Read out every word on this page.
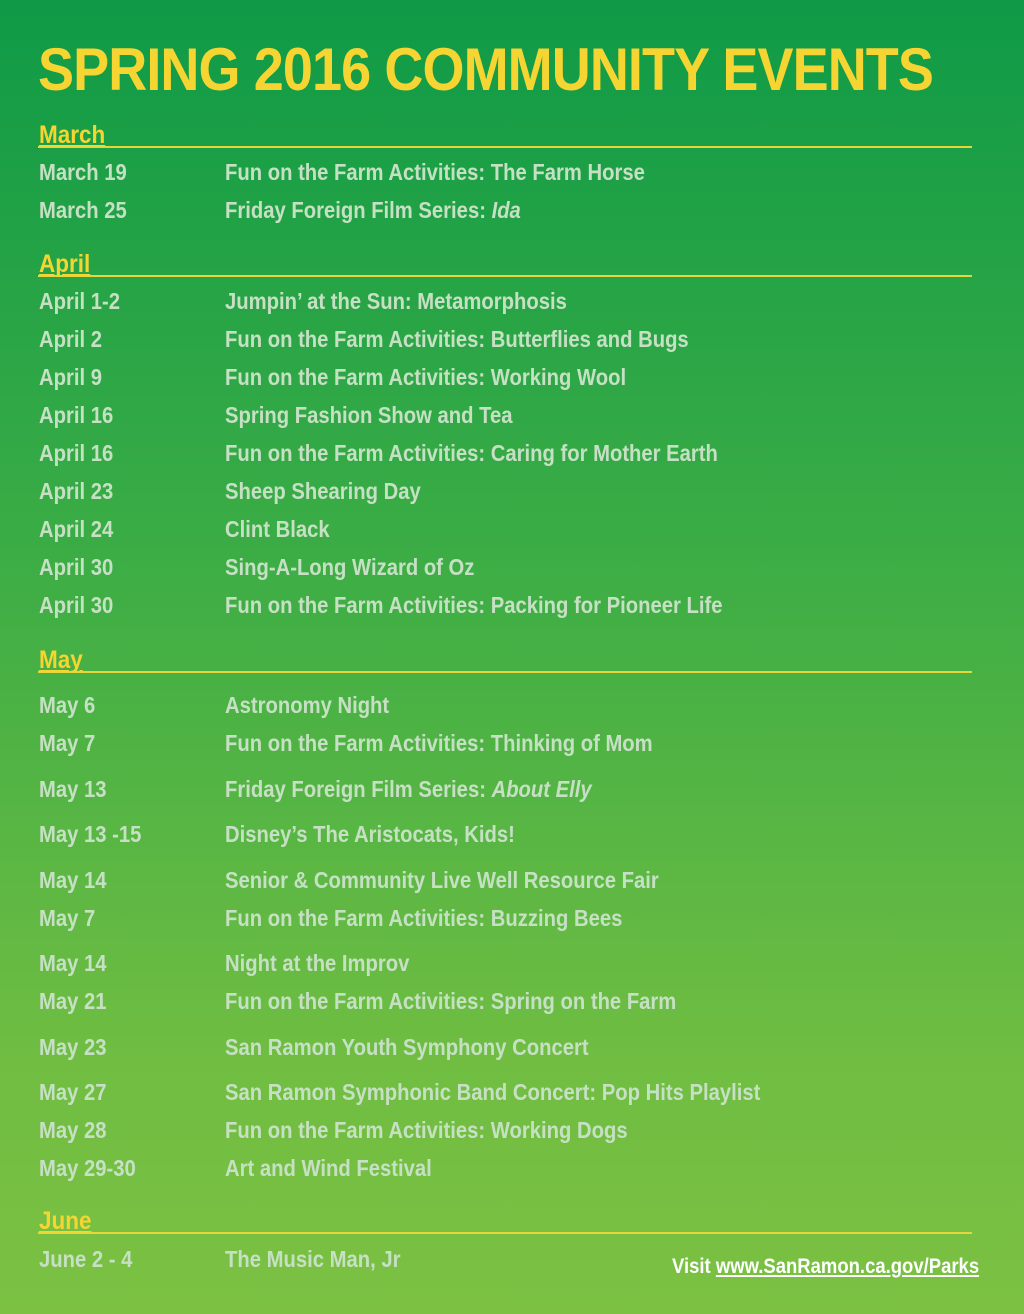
SPRING 2016 COMMUNITY EVENTS
March
March 19	Fun on the Farm Activities: The Farm Horse
March 25	Friday Foreign Film Series: Ida
April
April 1-2	Jumpin’ at the Sun: Metamorphosis
April 2	Fun on the Farm Activities: Butterflies and Bugs
April 9	Fun on the Farm Activities: Working Wool
April 16	Spring Fashion Show and Tea
April 16	Fun on the Farm Activities: Caring for Mother Earth
April 23	Sheep Shearing Day
April 24	Clint Black
April 30	Sing-A-Long Wizard of Oz
April 30	Fun on the Farm Activities: Packing for Pioneer Life
May
May 6	Astronomy Night
May 7	Fun on the Farm Activities: Thinking of Mom
May 13	Friday Foreign Film Series: About Elly
May 13 -15	Disney’s The Aristocats, Kids!
May 14	Senior & Community Live Well Resource Fair
May 7	Fun on the Farm Activities: Buzzing Bees
May 14	Night at the Improv
May 21	Fun on the Farm Activities: Spring on the Farm
May 23	San Ramon Youth Symphony Concert
May 27	San Ramon Symphonic Band Concert: Pop Hits Playlist
May 28	Fun on the Farm Activities: Working Dogs
May 29-30	Art and Wind Festival
June
June 2 - 4	The Music Man, Jr	Visit www.SanRamon.ca.gov/Parks
